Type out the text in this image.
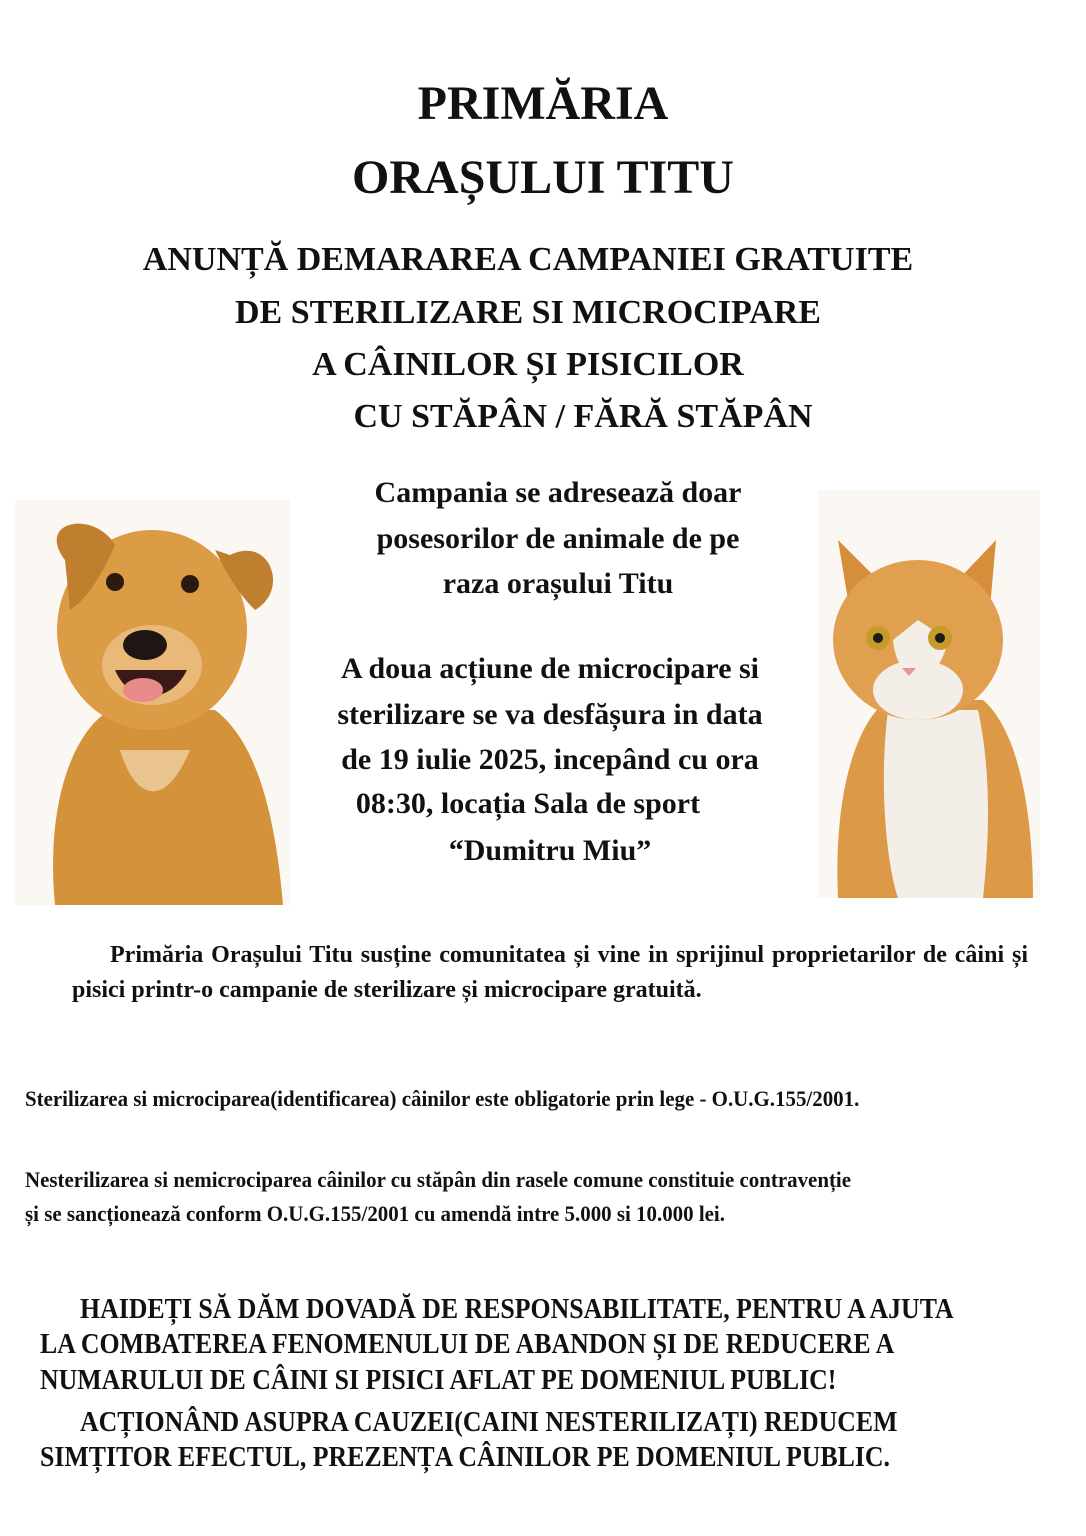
PRIMĂRIA
ORAȘULUI TITU
ANUNȚĂ DEMARAREA CAMPANIEI GRATUITE
DE STERILIZARE SI MICROCIPARE
A CÂINILOR ȘI PISICILOR
CU STĂPÂN / FĂRĂ STĂPÂN
Campania se adresează doar
posesorilor de animale de pe
raza orașului Titu
A doua acțiune de microcipare si
sterilizare se va desfășura in data
de 19 iulie 2025, incepând cu ora
08:30, locația Sala de sport
“Dumitru Miu”
Primăria Orașului Titu susține comunitatea și vine in sprijinul proprietarilor de câini și pisici printr-o campanie de sterilizare și microcipare gratuită.
Sterilizarea si microciparea(identificarea) câinilor este obligatorie prin lege - O.U.G.155/2001.
Nesterilizarea si nemicrociparea câinilor cu stăpân din rasele comune constituie contravenție
și se sancționează conform O.U.G.155/2001 cu amendă intre 5.000 si 10.000 lei.
HAIDEȚI SĂ DĂM DOVADĂ DE RESPONSABILITATE, PENTRU A AJUTA
LA COMBATEREA FENOMENULUI DE ABANDON ȘI DE REDUCERE A
NUMARULUI DE CÂINI SI PISICI AFLAT PE DOMENIUL PUBLIC!
ACȚIONÂND ASUPRA CAUZEI(CAINI NESTERILIZAȚI) REDUCEM
SIMȚITOR EFECTUL, PREZENȚA CÂINILOR PE DOMENIUL PUBLIC.
